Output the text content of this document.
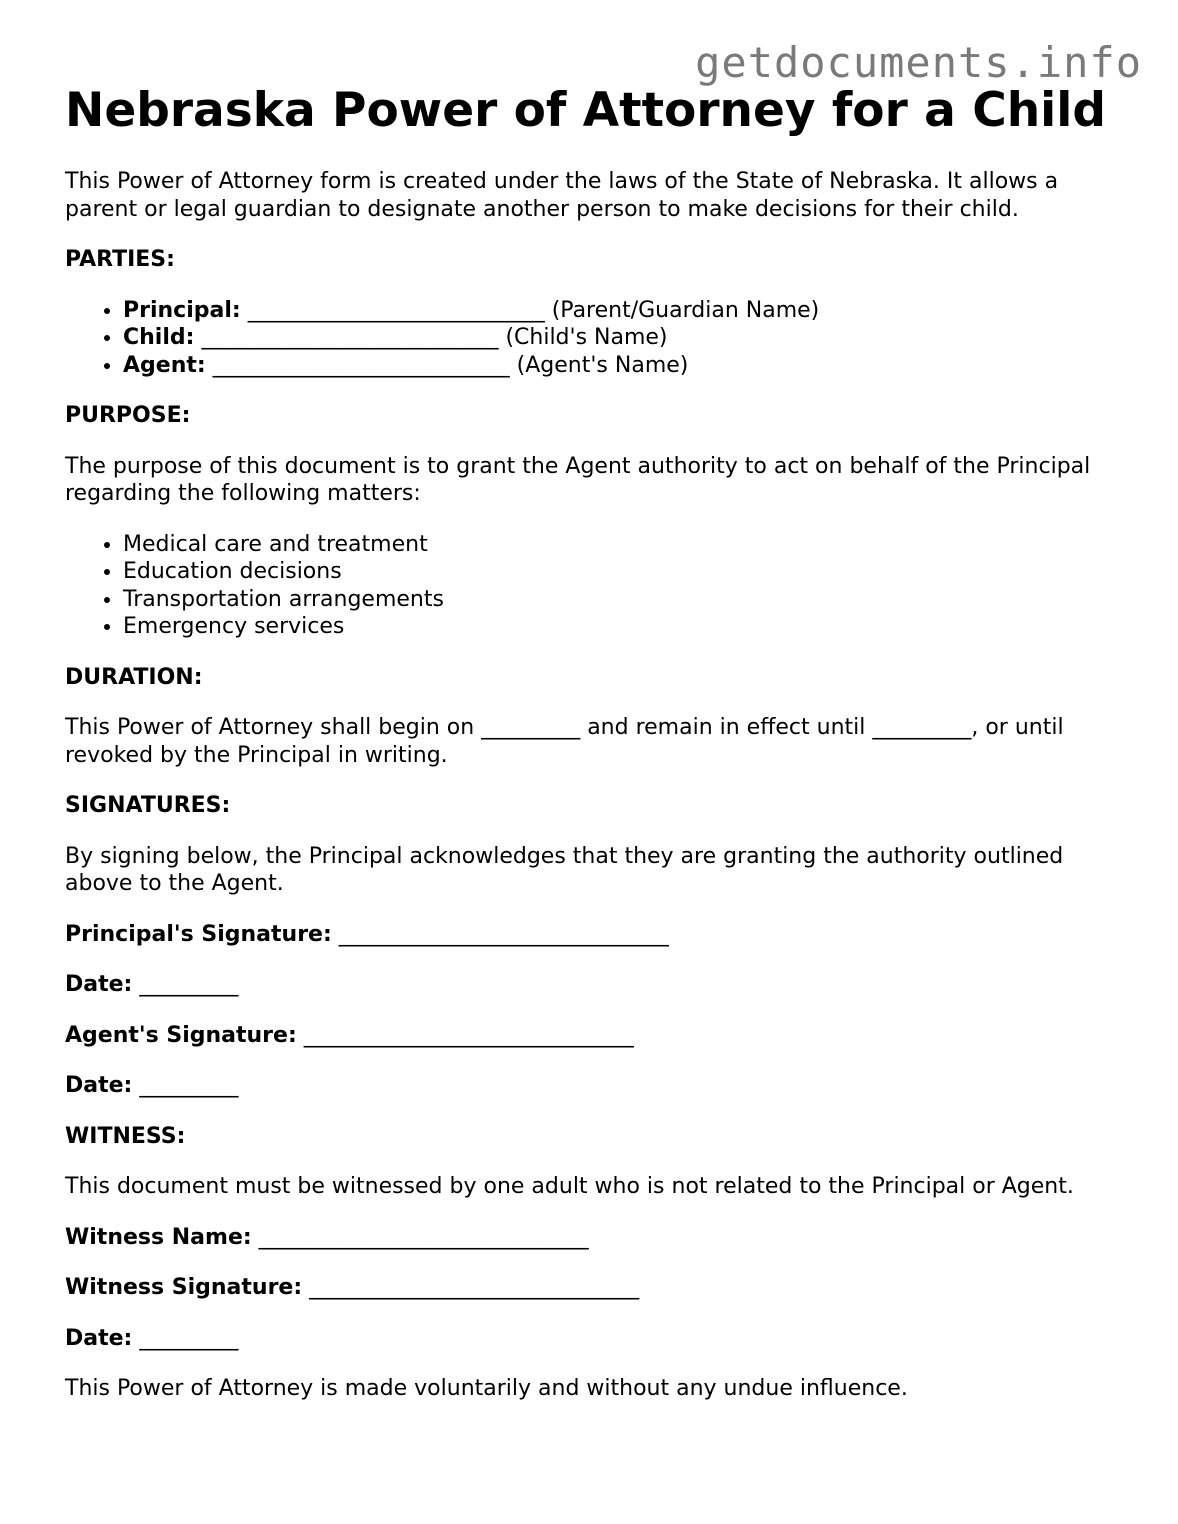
getdocuments.info
Nebraska Power of Attorney for a Child

This Power of Attorney form is created under the laws of the State of Nebraska. It allows a parent or legal guardian to designate another person to make decisions for their child.

PARTIES:
• Principal: ___________________________ (Parent/Guardian Name)
• Child: ___________________________ (Child's Name)
• Agent: ___________________________ (Agent's Name)
PURPOSE:

The purpose of this document is to grant the Agent authority to act on behalf of the Principal regarding the following matters:

• Medical care and treatment
• Education decisions
• Transportation arrangements
• Emergency services
DURATION:

This Power of Attorney shall begin on _________ and remain in effect until _________, or until revoked by the Principal in writing.

SIGNATURES:

By signing below, the Principal acknowledges that they are granting the authority outlined above to the Agent.

Principal's Signature: ______________________________

Date: _________

Agent's Signature: ______________________________

Date: _________

WITNESS:

This document must be witnessed by one adult who is not related to the Principal or Agent.

Witness Name: ______________________________

Witness Signature: ______________________________

Date: _________

This Power of Attorney is made voluntarily and without any undue influence.
